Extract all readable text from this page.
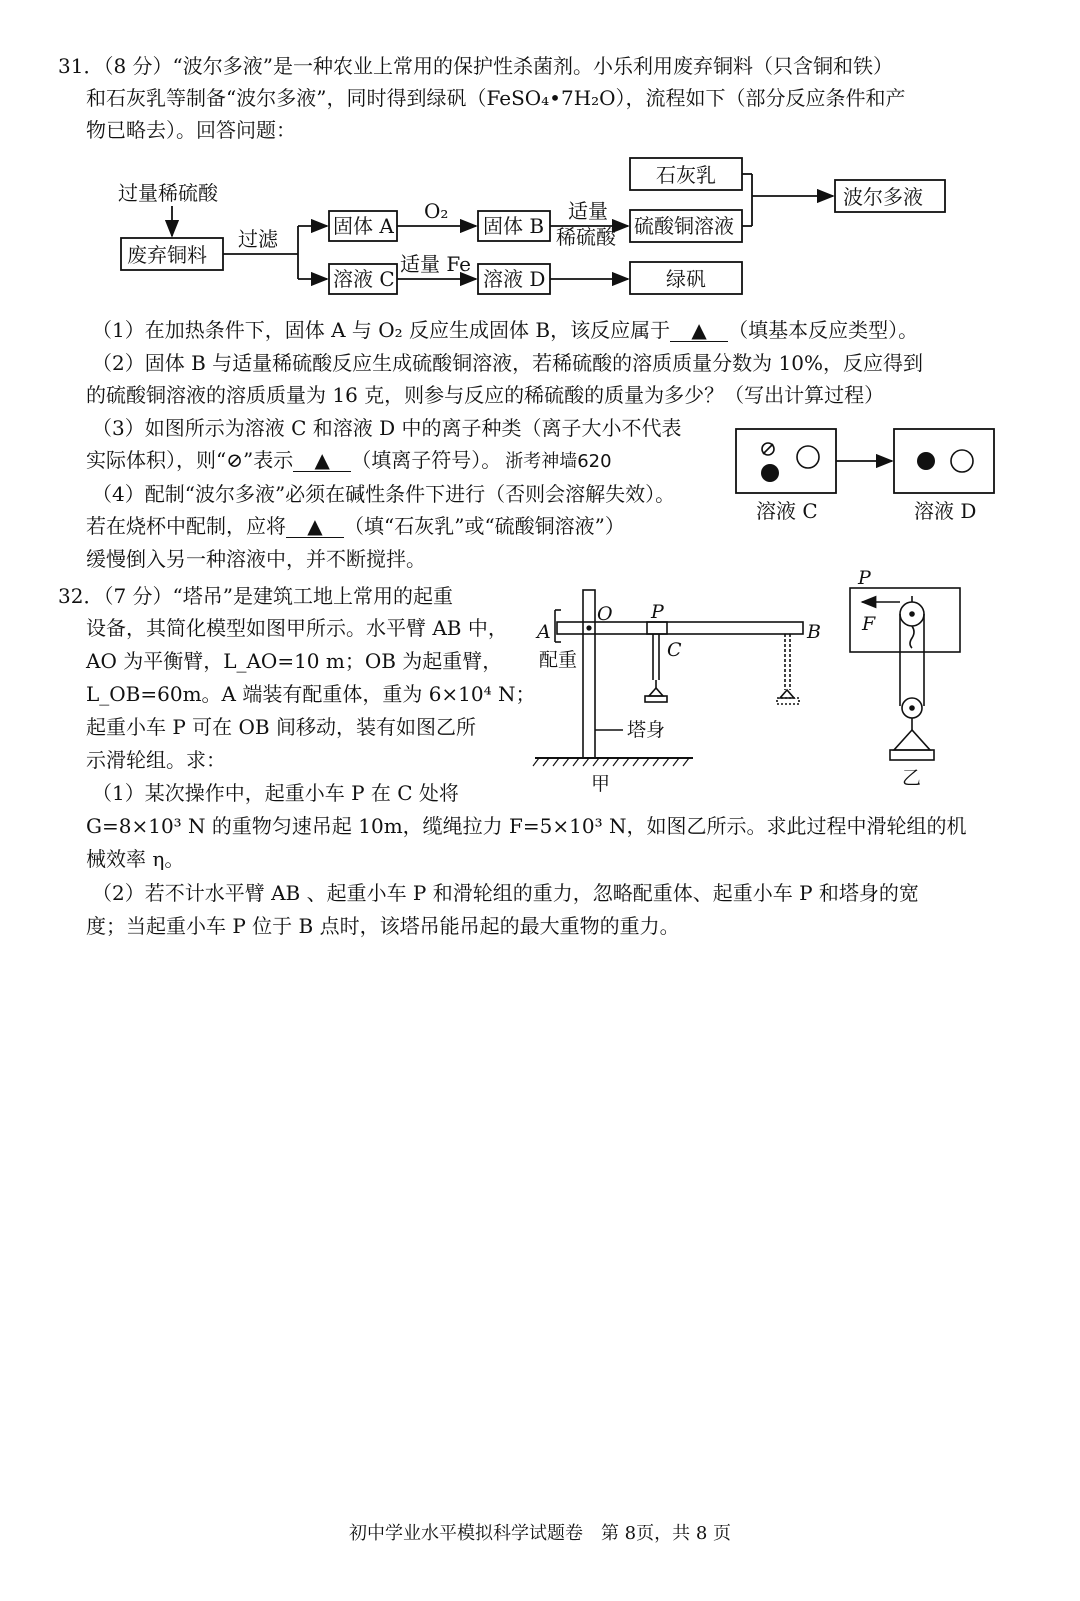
31．（8 分）“波尔多液”是一种农业上常用的保护性杀菌剂。小乐利用废弃铜料（只含铜和铁）
和石灰乳等制备“波尔多液”，同时得到绿矾（FeSO₄•7H₂O），流程如下（部分反应条件和产
物已略去）。回答问题：
过量稀硫酸
废弃铜料
过滤
固体 A
O₂
固体 B
适量
稀硫酸
石灰乳
硫酸铜溶液
波尔多液
溶液 C
适量 Fe
溶液 D	绿矾
（1）在加热条件下，固体 A 与 O₂ 反应生成固体 B，该反应属于 ▲ （填基本反应类型）。
（2）固体 B 与适量稀硫酸反应生成硫酸铜溶液，若稀硫酸的溶质质量分数为 10%，反应得到
的硫酸铜溶液的溶质质量为 16 克，则参与反应的稀硫酸的质量为多少？（写出计算过程）
（3）如图所示为溶液 C 和溶液 D 中的离子种类（离子大小不代表
实际体积），则“⊘”表示 ▲ （填离子符号）。 浙考神墙620
（4）配制“波尔多液”必须在碱性条件下进行（否则会溶解失效）。
若在烧杯中配制，应将 ▲ （填“石灰乳”或“硫酸铜溶液”）
缓慢倒入另一种溶液中，并不断搅拌。
溶液 C	溶液 D
32．（7 分）“塔吊”是建筑工地上常用的起重
设备，其简化模型如图甲所示。水平臂 AB 中，
AO 为平衡臂，L_AO=10 m；OB 为起重臂，
L_OB=60m。A 端装有配重体，重为 6×10⁴ N；
起重小车 P 可在 OB 间移动，装有如图乙所
示滑轮组。求：
（1）某次操作中，起重小车 P 在 C 处将
G=8×10³ N 的重物匀速吊起 10m，缆绳拉力 F=5×10³ N，如图乙所示。求此过程中滑轮组的机
械效率 η。
（2）若不计水平臂 AB 、起重小车 P 和滑轮组的重力，忽略配重体、起重小车 P 和塔身的宽
度；当起重小车 P 位于 B 点时，该塔吊能吊起的最大重物的重力。
A
O P
B
C
配重
塔身
甲
P
F
乙
初中学业水平模拟科学试题卷　第 8页，共 8 页
